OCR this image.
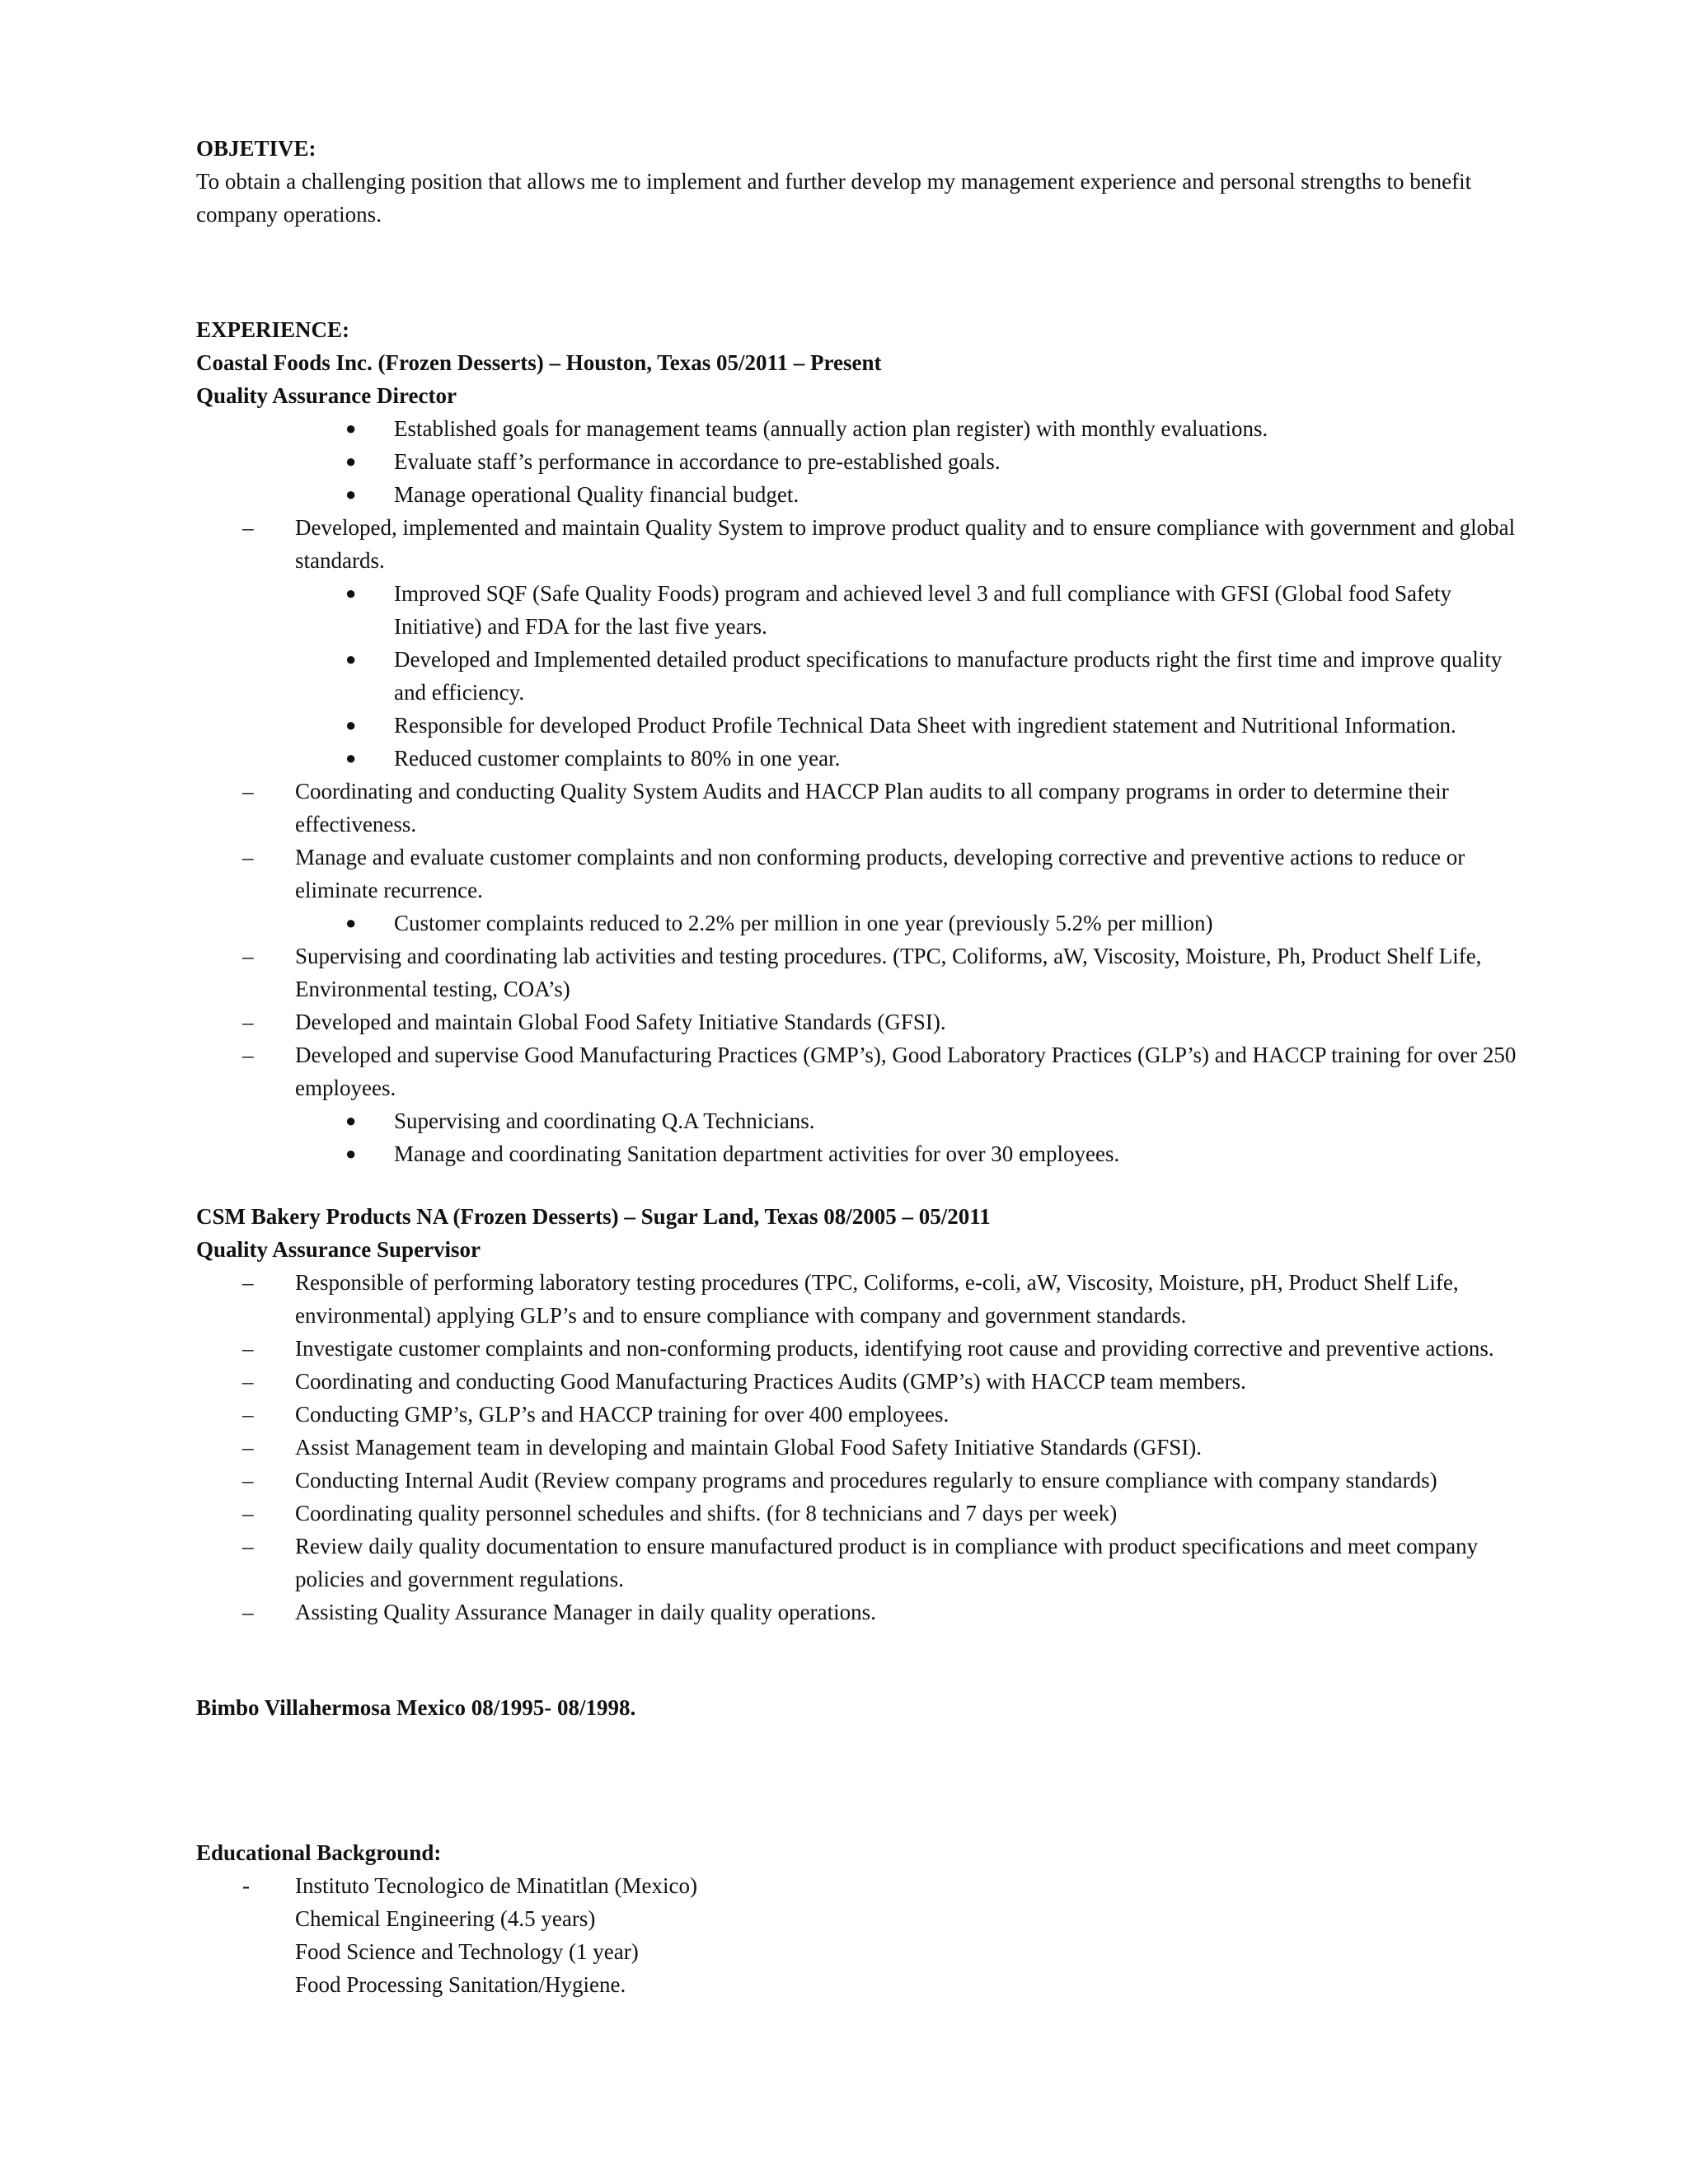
OBJETIVE:

To obtain a challenging position that allows me to implement and further develop my management experience and personal strengths to benefit company operations.

EXPERIENCE:

Coastal Foods Inc. (Frozen Desserts) – Houston, Texas 05/2011 – Present

Quality Assurance Director

● Established goals for management teams (annually action plan register) with monthly evaluations.

● Evaluate staff’s performance in accordance to pre-established goals.

● Manage operational Quality financial budget.

– Developed, implemented and maintain Quality System to improve product quality and to ensure compliance with government and global standards.

● Improved SQF (Safe Quality Foods) program and achieved level 3 and full compliance with GFSI (Global food Safety Initiative) and FDA for the last five years.

● Developed and Implemented detailed product specifications to manufacture products right the first time and improve quality and efficiency.

● Responsible for developed Product Profile Technical Data Sheet with ingredient statement and Nutritional Information.

● Reduced customer complaints to 80% in one year.

– Coordinating and conducting Quality System Audits and HACCP Plan audits to all company programs in order to determine their effectiveness.

– Manage and evaluate customer complaints and non conforming products, developing corrective and preventive actions to reduce or eliminate recurrence.

● Customer complaints reduced to 2.2% per million in one year (previously 5.2% per million)

– Supervising and coordinating lab activities and testing procedures. (TPC, Coliforms, aW, Viscosity, Moisture, Ph, Product Shelf Life, Environmental testing, COA’s)

– Developed and maintain Global Food Safety Initiative Standards (GFSI).

– Developed and supervise Good Manufacturing Practices (GMP’s), Good Laboratory Practices (GLP’s) and HACCP training for over 250 employees.

● Supervising and coordinating Q.A Technicians.

● Manage and coordinating Sanitation department activities for over 30 employees.

CSM Bakery Products NA (Frozen Desserts) – Sugar Land, Texas 08/2005 – 05/2011

Quality Assurance Supervisor

– Responsible of performing laboratory testing procedures (TPC, Coliforms, e-coli, aW, Viscosity, Moisture, pH, Product Shelf Life, environmental) applying GLP’s and to ensure compliance with company and government standards.

– Investigate customer complaints and non-conforming products, identifying root cause and providing corrective and preventive actions.

– Coordinating and conducting Good Manufacturing Practices Audits (GMP’s) with HACCP team members.

– Conducting GMP’s, GLP’s and HACCP training for over 400 employees.

– Assist Management team in developing and maintain Global Food Safety Initiative Standards (GFSI).

– Conducting Internal Audit (Review company programs and procedures regularly to ensure compliance with company standards)

– Coordinating quality personnel schedules and shifts. (for 8 technicians and 7 days per week)

– Review daily quality documentation to ensure manufactured product is in compliance with product specifications and meet company policies and government regulations.

– Assisting Quality Assurance Manager in daily quality operations.

Bimbo Villahermosa Mexico 08/1995- 08/1998.

Educational Background:

- Instituto Tecnologico de Minatitlan (Mexico)

Chemical Engineering (4.5 years)

Food Science and Technology (1 year)

Food Processing Sanitation/Hygiene.
